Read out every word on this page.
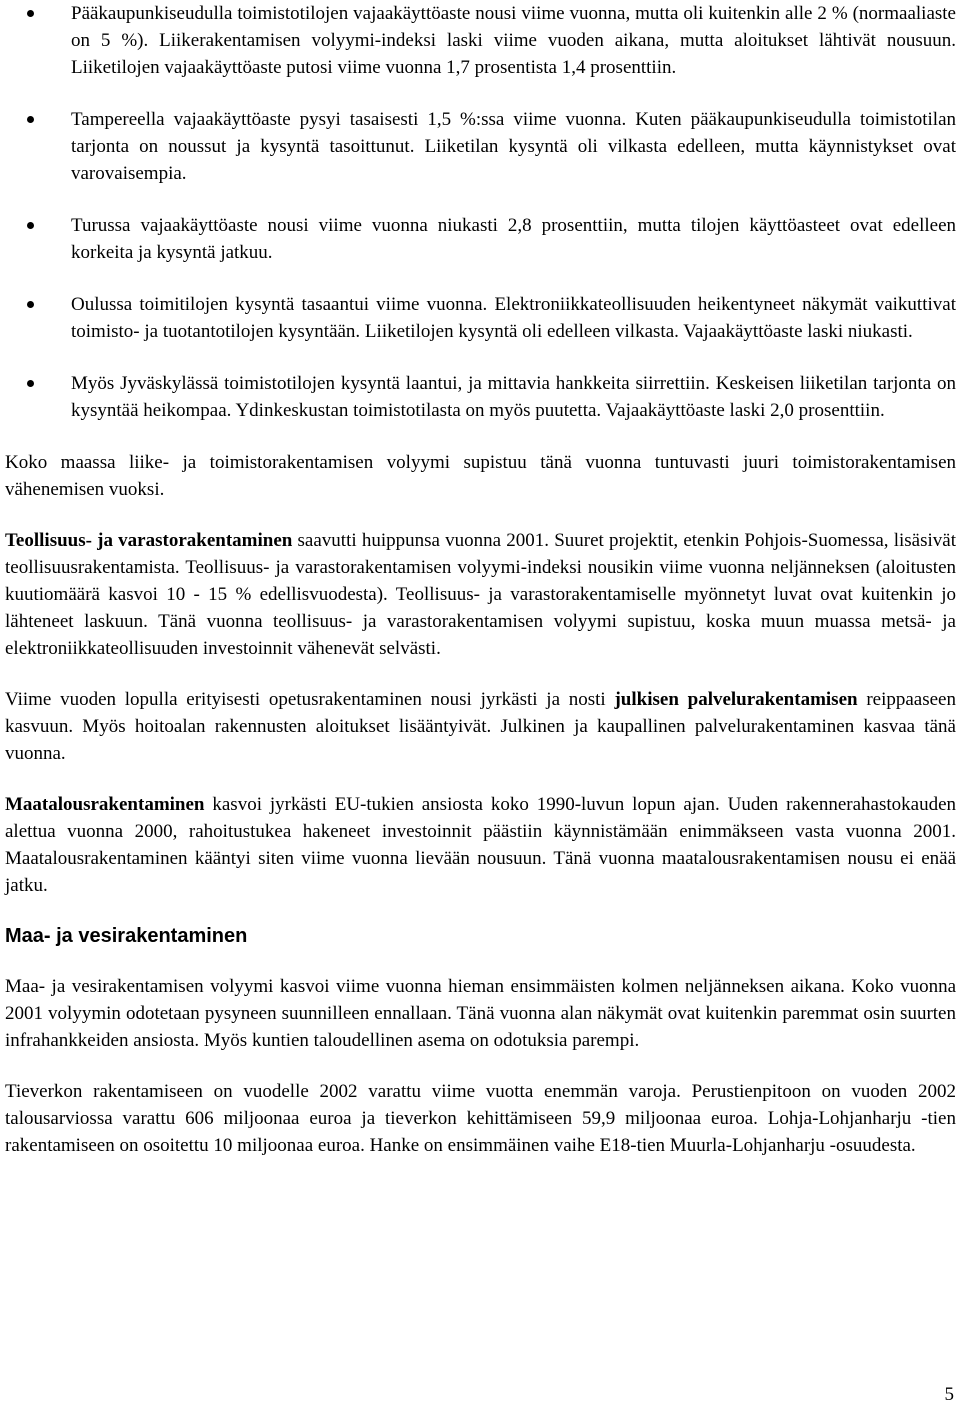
Pääkaupunkiseudulla toimistotilojen vajaakäyttöaste nousi viime vuonna, mutta oli kuitenkin alle 2 % (normaaliaste on 5 %). Liikerakentamisen volyymi-indeksi laski viime vuoden aikana, mutta aloitukset lähtivät nousuun. Liiketilojen vajaakäyttöaste putosi viime vuonna 1,7 prosentista 1,4 prosenttiin.
Tampereella vajaakäyttöaste pysyi tasaisesti 1,5 %:ssa viime vuonna. Kuten pääkaupunkiseudulla toimistotilan tarjonta on noussut ja kysyntä tasoittunut. Liiketilan kysyntä oli vilkasta edelleen, mutta käynnistykset ovat varovaisempia.
Turussa vajaakäyttöaste nousi viime vuonna niukasti 2,8 prosenttiin, mutta tilojen käyttöasteet ovat edelleen korkeita ja kysyntä jatkuu.
Oulussa toimitilojen kysyntä tasaantui viime vuonna. Elektroniikkateollisuuden heikentyneet näkymät vaikuttivat toimisto- ja tuotantotilojen kysyntään. Liiketilojen kysyntä oli edelleen vilkasta. Vajaakäyttöaste laski niukasti.
Myös Jyväskylässä toimistotilojen kysyntä laantui, ja mittavia hankkeita siirrettiin. Keskeisen liiketilan tarjonta on kysyntää heikompaa. Ydinkeskustan toimistotilasta on myös puutetta. Vajaakäyttöaste laski 2,0 prosenttiin.

Koko maassa liike- ja toimistorakentamisen volyymi supistuu tänä vuonna tuntuvasti juuri toimistorakentamisen vähenemisen vuoksi.

Teollisuus- ja varastorakentaminen saavutti huippunsa vuonna 2001. Suuret projektit, etenkin Pohjois-Suomessa, lisäsivät teollisuusrakentamista. Teollisuus- ja varastorakentamisen volyymi-indeksi nousikin viime vuonna neljänneksen (aloitusten kuutiomäärä kasvoi 10 - 15 % edellisvuodesta). Teollisuus- ja varastorakentamiselle myönnetyt luvat ovat kuitenkin jo lähteneet laskuun. Tänä vuonna teollisuus- ja varastorakentamisen volyymi supistuu, koska muun muassa metsä- ja elektroniikkateollisuuden investoinnit vähenevät selvästi.

Viime vuoden lopulla erityisesti opetusrakentaminen nousi jyrkästi ja nosti julkisen palvelurakentamisen reippaaseen kasvuun. Myös hoitoalan rakennusten aloitukset lisääntyivät. Julkinen ja kaupallinen palvelurakentaminen kasvaa tänä vuonna.

Maatalousrakentaminen kasvoi jyrkästi EU-tukien ansiosta koko 1990-luvun lopun ajan. Uuden rakennerahastokauden alettua vuonna 2000, rahoitustukea hakeneet investoinnit päästiin käynnistämään enimmäkseen vasta vuonna 2001. Maatalousrakentaminen kääntyi siten viime vuonna lievään nousuun. Tänä vuonna maatalousrakentamisen nousu ei enää jatku.

Maa- ja vesirakentaminen

Maa- ja vesirakentamisen volyymi kasvoi viime vuonna hieman ensimmäisten kolmen neljänneksen aikana. Koko vuonna 2001 volyymin odotetaan pysyneen suunnilleen ennallaan. Tänä vuonna alan näkymät ovat kuitenkin paremmat osin suurten infrahankkeiden ansiosta. Myös kuntien taloudellinen asema on odotuksia parempi.

Tieverkon rakentamiseen on vuodelle 2002 varattu viime vuotta enemmän varoja. Perustienpitoon on vuoden 2002 talousarviossa varattu 606 miljoonaa euroa ja tieverkon kehittämiseen 59,9 miljoonaa euroa. Lohja-Lohjanharju -tien rakentamiseen on osoitettu 10 miljoonaa euroa. Hanke on ensimmäinen vaihe E18-tien Muurla-Lohjanharju -osuudesta.

5
